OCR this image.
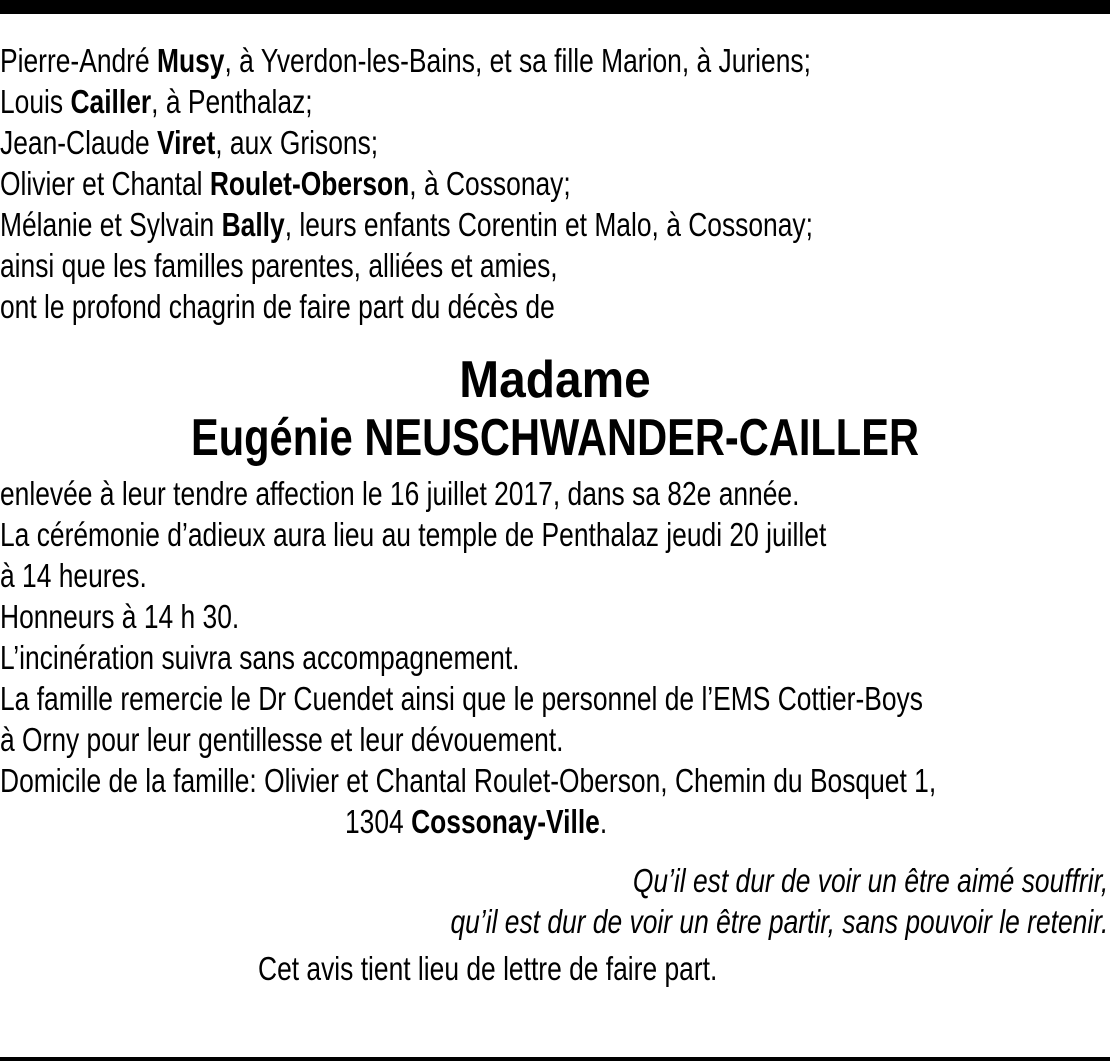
Pierre-André Musy, à Yverdon-les-Bains, et sa fille Marion, à Juriens;
Louis Cailler, à Penthalaz;
Jean-Claude Viret, aux Grisons;
Olivier et Chantal Roulet-Oberson, à Cossonay;
Mélanie et Sylvain Bally, leurs enfants Corentin et Malo, à Cossonay;
ainsi que les familles parentes, alliées et amies,
ont le profond chagrin de faire part du décès de
Madame
Eugénie NEUSCHWANDER-CAILLER
enlevée à leur tendre affection le 16 juillet 2017, dans sa 82e année.
La cérémonie d’adieux aura lieu au temple de Penthalaz jeudi 20 juillet
à 14 heures.
Honneurs à 14 h 30.
L’incinération suivra sans accompagnement.
La famille remercie le Dr Cuendet ainsi que le personnel de l’EMS Cottier-Boys
à Orny pour leur gentillesse et leur dévouement.
Domicile de la famille: Olivier et Chantal Roulet-Oberson, Chemin du Bosquet 1,
1304 Cossonay-Ville.
Qu’il est dur de voir un être aimé souffrir,
qu’il est dur de voir un être partir, sans pouvoir le retenir.
Cet avis tient lieu de lettre de faire part.
